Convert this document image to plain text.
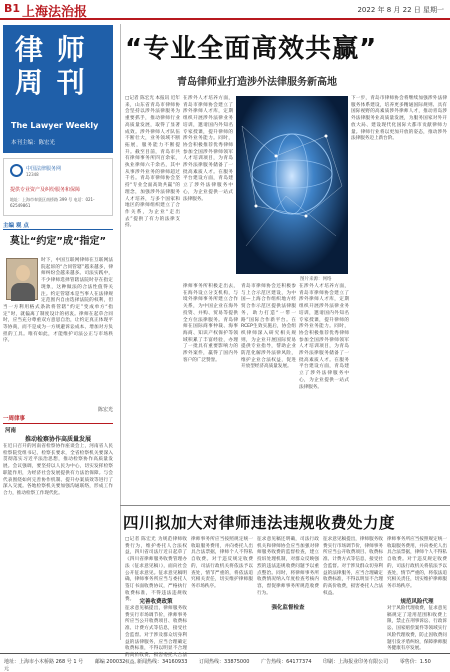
B1 上海法治报	2022 年 8 月 22 日 星期一
律 师
周 刊
The Lawyer Weekly
本刊主编：陈宏光
中国法律服务网
12348
提供专业资产及纠纷服务和保障
地址：上海市奉贤区南桥路 399 号 电话：021-62549861
主编 观 点
莫让“约定”成“指定”
时下，中国互联网律师在互联网法院起诉的“合同管辖”越来越多，律师纠纷会越来越多。司法实践中，不少律师选择管辖法院时存在指定现象，这种做法的合法性值得关注。约定管辖本是当事人在法律规定范围内自由选择法院的权利，但当一方利用格式条款将管辖“约定”变成单方“指定”时，就偏离了制度设计的初衷。律师在起草合同时，应当充分尊重双方意思自治，让约定真正体现平等协商，而不是成为一方规避诉讼成本、增加对方负担的工具。唯有如此，才能维护司法公正与市场秩序。
陈宏光
一周律事
河南
推动检察协作高质量发展
在近日召开的河南省检察协作座谈会上，河南省人民检察院党组书记、检察长要求，全省检察机关要深入贯彻落实习近平法治思想，推动检察协作高质量发展。会议强调，要坚持以人民为中心，切实发挥检察职能作用，为经济社会发展提供有力法治保障。与会代表围绕如何完善协作机制、提升办案质效等进行了深入交流。各地检察机关要加强沟通联络，形成工作合力，推动检察工作现代化。
“专业全面高效共赢”
青岛律师业打造涉外法律服务新高地
□记者 陈宏光 本报讯 近年来，山东省青岛市律师协会坚持以涉外法律服务为重要抓手，推动律师行业高质量发展，取得了显著成效。涉外律师人才队伍不断壮大，业务领域不断拓展，服务能力不断提升。截至目前，青岛市共有律师事务所四百余家，执业律师六千余名，其中从事涉外业务的律师超过千名。青岛市律师协会坚持“专业全面高效共赢”的理念，加强涉外法律服务人才培养，与多个国家和地区的律师组织建立了合作关系，为企业“走出去”提供了有力的法律支持。
在涉外人才培养方面，青岛市律师协会建立了涉外律师人才库，定期组织开展涉外法律业务培训，邀请国内外知名专家授课，提升律师的涉外业务能力。同时，协会积极推荐优秀律师参加全国涉外律师领军人才培训项目，为青岛涉外法律服务储备了一批高素质人才。在服务平台建设方面，青岛建立了涉外法律服务中心，为企业提供一站式法律服务。
律师事务所积极走出去，在海外设立分支机构，与境外律师事务所建立合作关系，为中国企业在海外投资、并购、贸易等提供全方位法律服务。青岛律师在国际商事仲裁、海事海商、知识产权保护等领域积累了丰富经验，办理了一批具有重要影响力的涉外案件，赢得了国内外客户的广泛赞誉。
青岛市律师协会还积极参与上合示范区建设，为中国—上海合作组织地方经贸合作示范区提供法律服务，助力打造“一带一路”国际合作新平台。在RCEP生效实施后，协会组织律师深入研究相关规则，为企业开展国际贸易提供专业指导，帮助企业防范化解涉外法律风险，维护企业合法权益，促进开放型经济高质量发展。
下一步，青岛市律师协会将继续加强涉外法律服务体系建设，培养更多精通国际规则、具有国际视野的高素质涉外律师人才，推动青岛涉外法律服务业高质量发展，为服务国家对外开放大局、建设现代化国际大都市贡献律师力量。律师行业将以更加开放的姿态，推动涉外法律服务迈上新台阶。
在涉外人才培养方面，青岛市律师协会建立了涉外律师人才库，定期组织开展涉外法律业务培训，邀请国内外知名专家授课，提升律师的涉外业务能力。同时，协会积极推荐优秀律师参加全国涉外律师领军人才培训项目，为青岛涉外法律服务储备了一批高素质人才。在服务平台建设方面，青岛建立了涉外法律服务中心，为企业提供一站式法律服务。
图片来源：网络
四川拟加大对律师违法违规收费处力度
□记者 陈宏光 为规范律师收费行为，维护委托人合法权益，四川省司法厅近日起草了《四川省律师服务收费管理办法（征求意见稿）》，面向社会公开征求意见。征求意见稿明确，律师事务所应当与委托人签订书面收费协议，严格执行收费标准，不得违法违规收费。 完善收费政策
征求意见稿提出，律师服务收费实行市场调节价，律师事务所应当公开收费项目、收费标准、计费方式等信息，接受社会监督。对于涉及群众切身利益的法律服务，应当合理确定收费标准，不得以明显不合理的高价收费，损害委托人合法权益。
律师事务所应当按照规定统一收取服务费用，并向委托人出具合法票据，律师个人不得私自收费。对于违反规定收费的，司法行政机关将依法予以查处，情节严重的，将依法追究相关责任，切实维护律师服务市场秩序。
强化监督检查
征求意见稿还明确，司法行政机关和律师协会应当加强对律师服务收费的监督检查，建立投诉处理机制，对群众反映强烈的违法违规收费问题予以重点整治。同时，将律师事务所收费情况纳入年度检查考核内容，督促律师事务所规范收费行为。
征求意见稿提出，律师服务收费实行市场调节价，律师事务所应当公开收费项目、收费标准、计费方式等信息，接受社会监督。对于涉及群众切身利益的法律服务，应当合理确定收费标准，不得以明显不合理的高价收费，损害委托人合法权益。
律师事务所应当按照规定统一收取服务费用，并向委托人出具合法票据，律师个人不得私自收费。对于违反规定收费的，司法行政机关将依法予以查处，情节严重的，将依法追究相关责任，切实维护律师服务市场秩序。
规范风险代理
对于风险代理收费，征求意见稿规定了适用范围和收费上限，禁止在刑事诉讼、行政诉讼、国家赔偿案件等领域实行风险代理收费，防止因收费问题引发矛盾纠纷，保障律师服务健康有序发展。
地址：上海市小木桥路 268 号 1 号 邮编 200032 新闻热线：34160933 订阅热线：33875000 广告热线：64177374 印刷：上海报业印务有限公司 零售价：1.50 元
